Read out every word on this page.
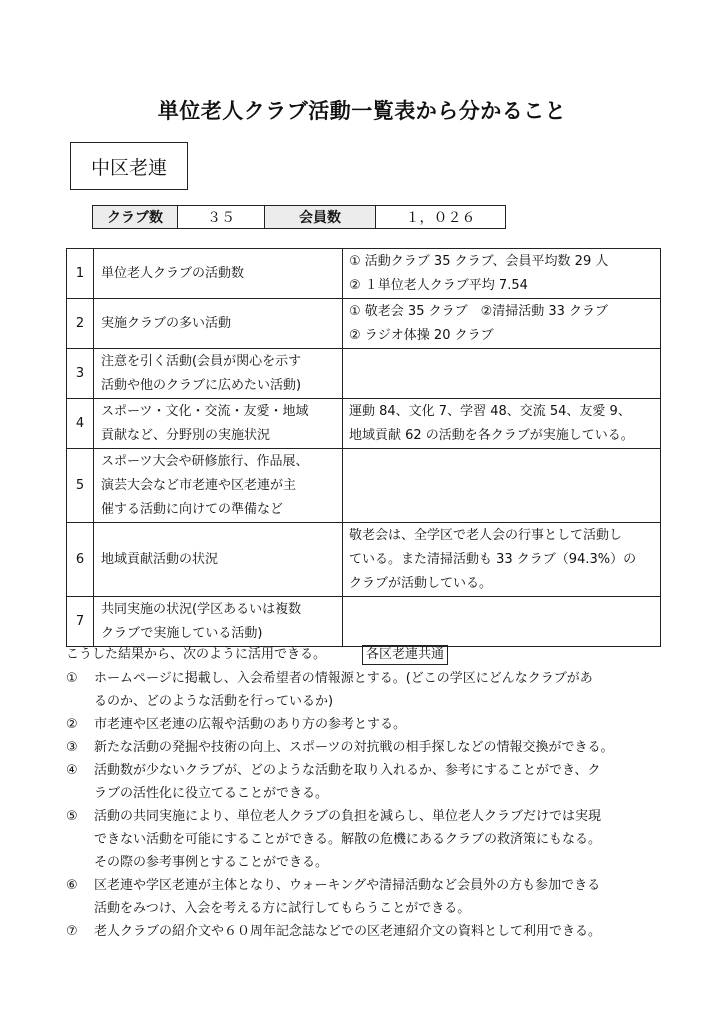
単位老人クラブ活動一覧表から分かること
中区老連
クラブ数	３５	会員数	１，０２６
1	単位老人クラブの活動数	① 活動クラブ 35 クラブ、会員平均数 29 人
② １単位老人クラブ平均 7.54

2	実施クラブの多い活動	① 敬老会 35 クラブ　②清掃活動 33 クラブ
② ラジオ体操 20 クラブ

3	注意を引く活動(会員が関心を示す
活動や他のクラブに広めたい活動)	

4	スポーツ・文化・交流・友愛・地域
貢献など、分野別の実施状況	運動 84、文化 7、学習 48、交流 54、友愛 9、
地域貢献 62 の活動を各クラブが実施している。

5	スポーツ大会や研修旅行、作品展、
演芸大会など市老連や区老連が主
催する活動に向けての準備など	

6	地域貢献活動の状況	敬老会は、全学区で老人会の行事として活動し
ている。また清掃活動も 33 クラブ（94.3%）の
クラブが活動している。

7	共同実施の状況(学区あるいは複数
クラブで実施している活動)	

こうした結果から、次のように活用できる。	各区老連共通
①	ホームページに掲載し、入会希望者の情報源とする。(どこの学区にどんなクラブがあ
るのか、どのような活動を行っているか)
②	市老連や区老連の広報や活動のあり方の参考とする。
③	新たな活動の発掘や技術の向上、スポーツの対抗戦の相手探しなどの情報交換ができる。
④	活動数が少ないクラブが、どのような活動を取り入れるか、参考にすることができ、ク
ラブの活性化に役立てることができる。
⑤	活動の共同実施により、単位老人クラブの負担を減らし、単位老人クラブだけでは実現
できない活動を可能にすることができる。解散の危機にあるクラブの救済策にもなる。
その際の参考事例とすることができる。
⑥	区老連や学区老連が主体となり、ウォーキングや清掃活動など会員外の方も参加できる
活動をみつけ、入会を考える方に試行してもらうことができる。
⑦	老人クラブの紹介文や６０周年記念誌などでの区老連紹介文の資料として利用できる。
